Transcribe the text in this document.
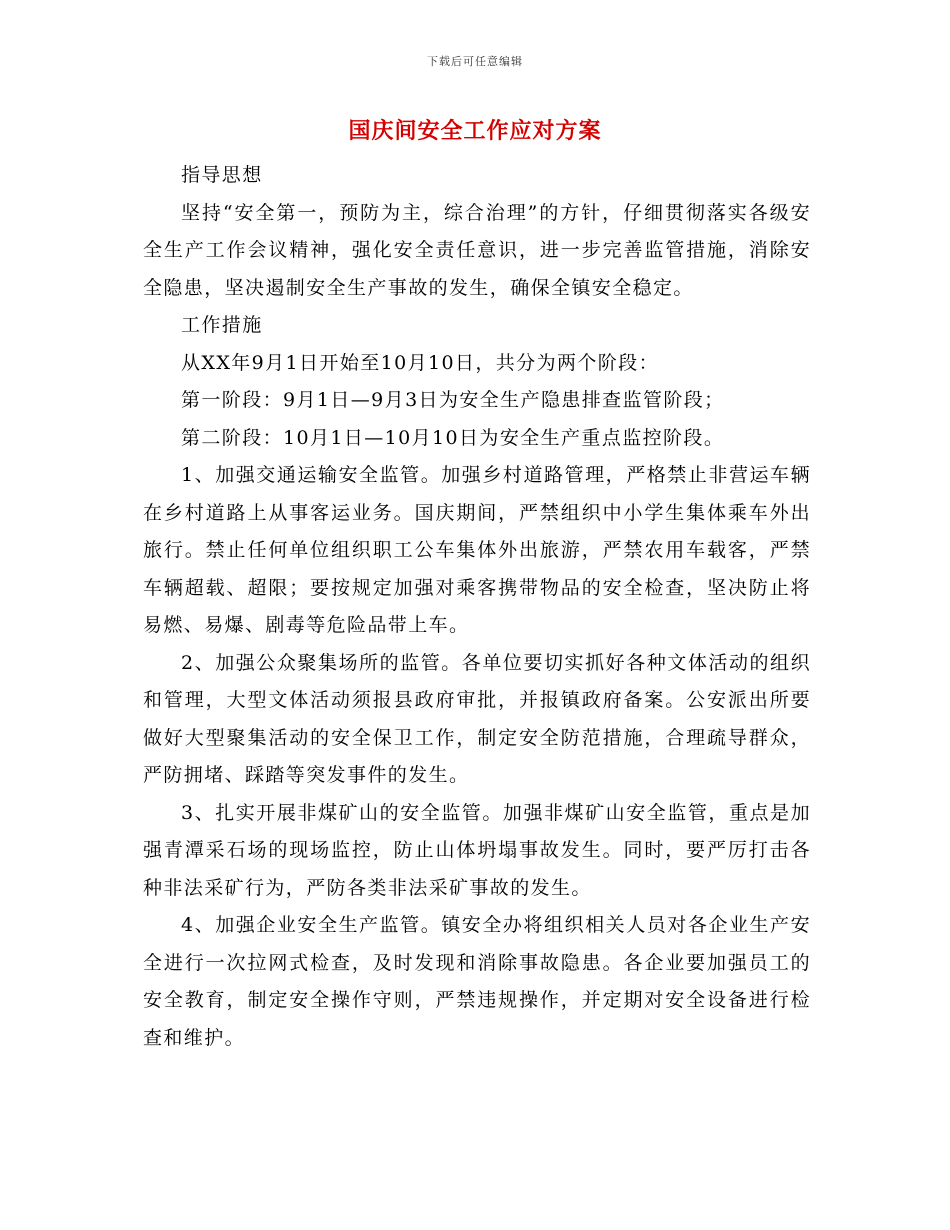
下载后可任意编辑
国庆间安全工作应对方案

指导思想

坚持“安全第一，预防为主，综合治理”的方针，仔细贯彻落实各级安全生产工作会议精神，强化安全责任意识，进一步完善监管措施，消除安全隐患，坚决遏制安全生产事故的发生，确保全镇安全稳定。

工作措施

从XX年9月1日开始至10月10日，共分为两个阶段：

第一阶段：9月1日—9月3日为安全生产隐患排查监管阶段；

第二阶段：10月1日—10月10日为安全生产重点监控阶段。

1、加强交通运输安全监管。加强乡村道路管理，严格禁止非营运车辆在乡村道路上从事客运业务。国庆期间，严禁组织中小学生集体乘车外出旅行。禁止任何单位组织职工公车集体外出旅游，严禁农用车载客，严禁车辆超载、超限；要按规定加强对乘客携带物品的安全检查，坚决防止将易燃、易爆、剧毒等危险品带上车。

2、加强公众聚集场所的监管。各单位要切实抓好各种文体活动的组织和管理，大型文体活动须报县政府审批，并报镇政府备案。公安派出所要做好大型聚集活动的安全保卫工作，制定安全防范措施，合理疏导群众，严防拥堵、踩踏等突发事件的发生。

3、扎实开展非煤矿山的安全监管。加强非煤矿山安全监管，重点是加强青潭采石场的现场监控，防止山体坍塌事故发生。同时，要严厉打击各种非法采矿行为，严防各类非法采矿事故的发生。

4、加强企业安全生产监管。镇安全办将组织相关人员对各企业生产安全进行一次拉网式检查，及时发现和消除事故隐患。各企业要加强员工的安全教育，制定安全操作守则，严禁违规操作，并定期对安全设备进行检查和维护。
